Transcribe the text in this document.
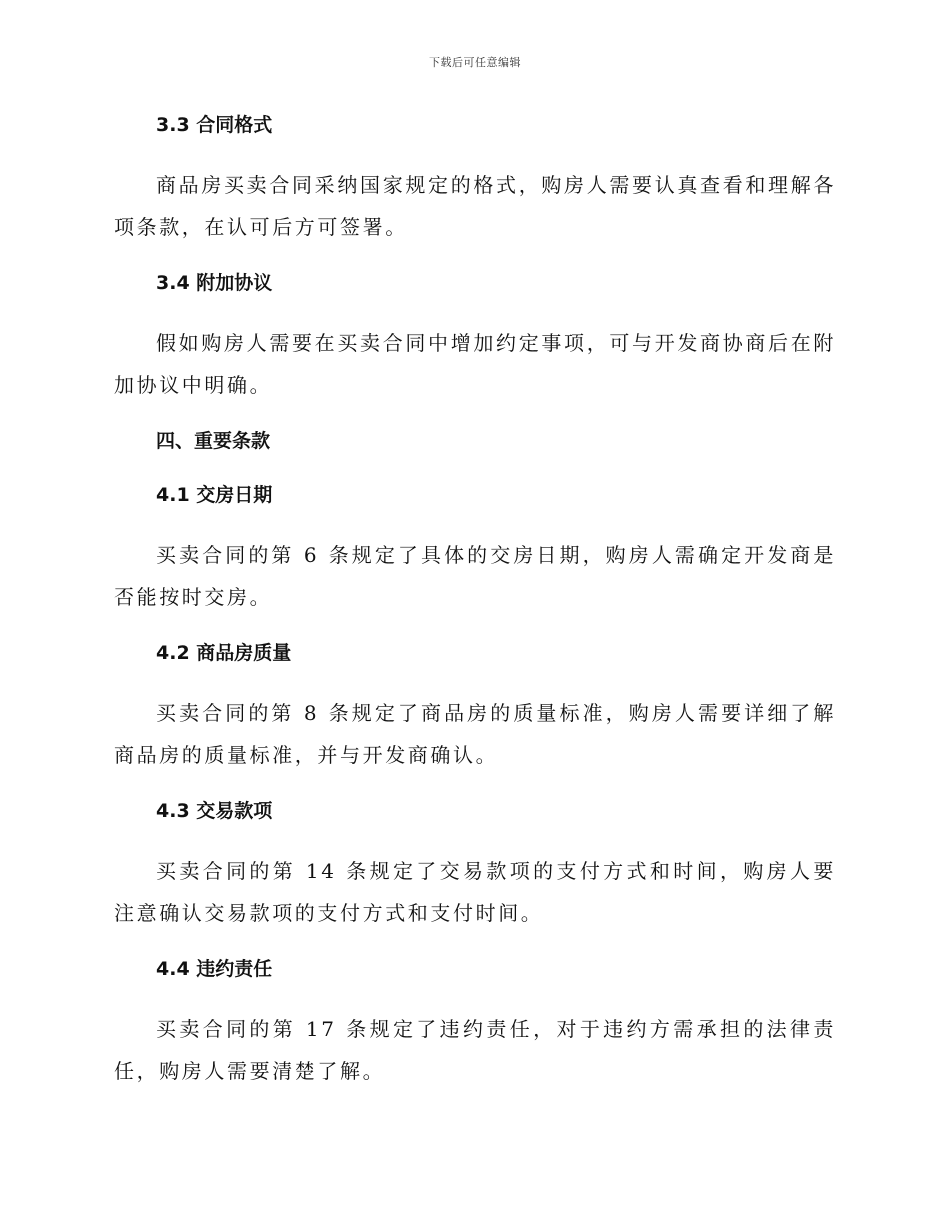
下载后可任意编辑
3.3 合同格式

商品房买卖合同采纳国家规定的格式，购房人需要认真查看和理解各项条款，在认可后方可签署。

3.4 附加协议

假如购房人需要在买卖合同中增加约定事项，可与开发商协商后在附加协议中明确。

四、重要条款
4.1 交房日期

买卖合同的第 6 条规定了具体的交房日期，购房人需确定开发商是否能按时交房。

4.2 商品房质量

买卖合同的第 8 条规定了商品房的质量标准，购房人需要详细了解商品房的质量标准，并与开发商确认。

4.3 交易款项

买卖合同的第 14 条规定了交易款项的支付方式和时间，购房人要注意确认交易款项的支付方式和支付时间。

4.4 违约责任

买卖合同的第 17 条规定了违约责任，对于违约方需承担的法律责任，购房人需要清楚了解。
